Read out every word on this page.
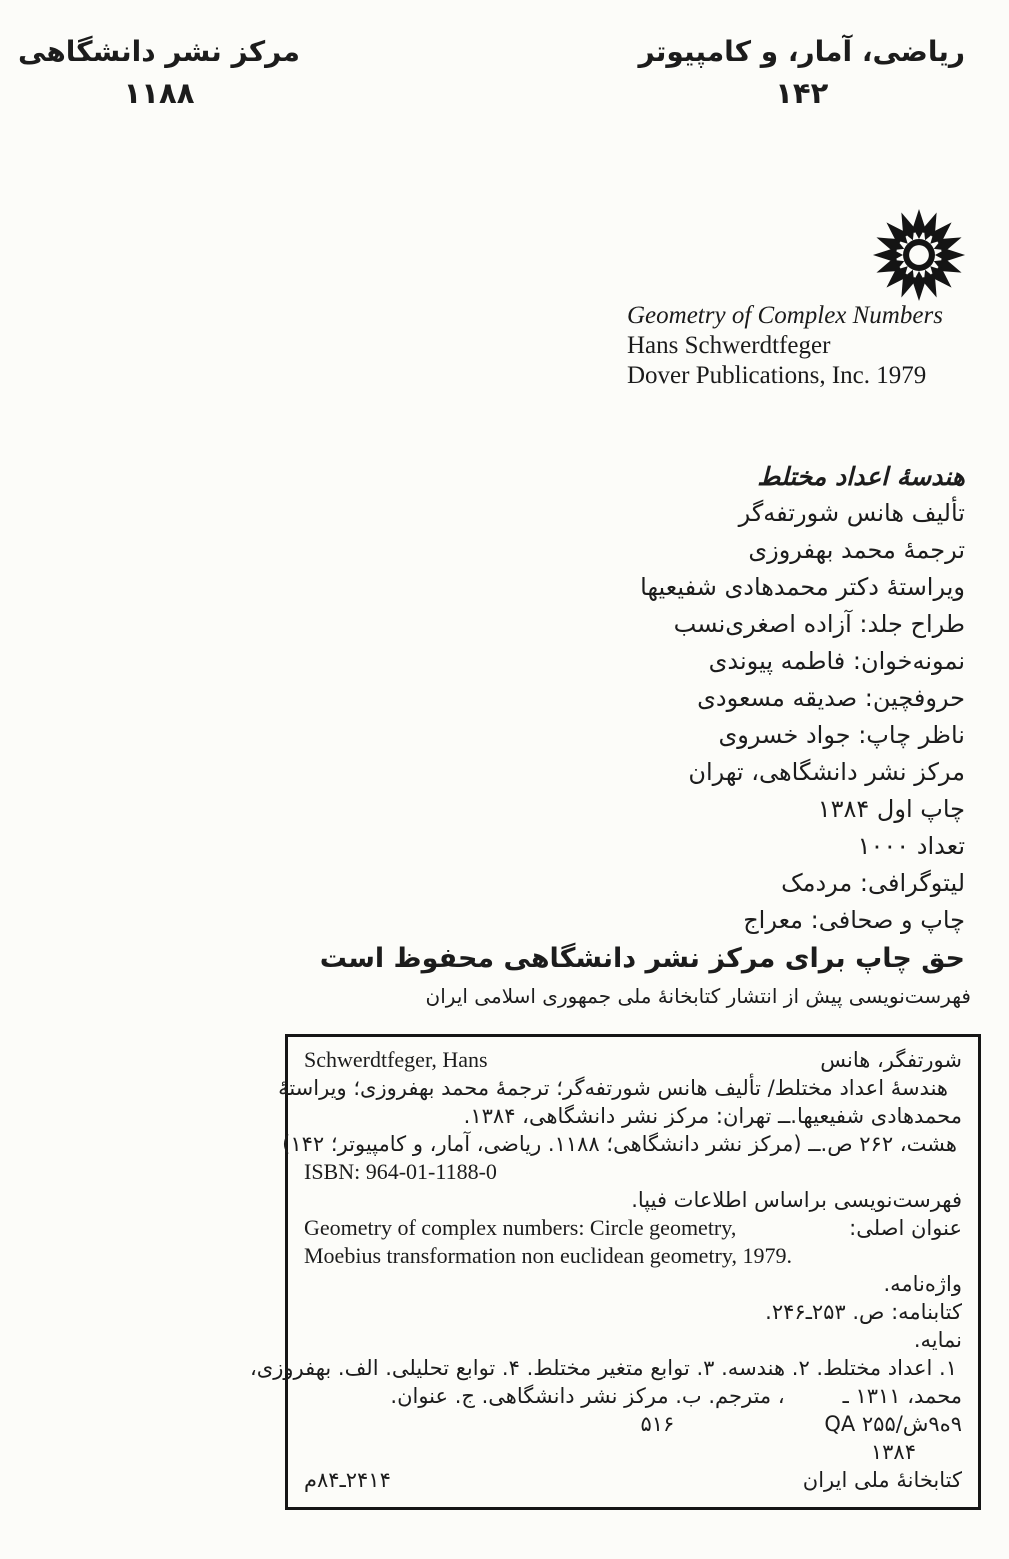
ریاضی، آمار، و کامپیوتر
۱۴۲
مرکز نشر دانشگاهی
۱۱۸۸
Geometry of Complex Numbers
Hans Schwerdtfeger
Dover Publications, Inc. 1979
هندسهٔ اعداد مختلط
تألیف هانس شورتفه‌گر
ترجمهٔ محمد بهفروزی
ویراستهٔ دکتر محمدهادی شفیعیها
طراح جلد: آزاده اصغری‌نسب
نمونه‌خوان: فاطمه پیوندی
حروفچین: صدیقه مسعودی
ناظر چاپ: جواد خسروی
مرکز نشر دانشگاهی، تهران
چاپ اول ۱۳۸۴
تعداد ۱۰۰۰
لیتوگرافی: مردمک
چاپ و صحافی: معراج
حق چاپ برای مرکز نشر دانشگاهی محفوظ است
فهرست‌نویسی پیش از انتشار کتابخانهٔ ملی جمهوری اسلامی ایران
شورتفگر، هانس
Schwerdtfeger, Hans
هندسهٔ اعداد مختلط/ تألیف هانس شورتفه‌گر؛ ترجمهٔ محمد بهفروزی؛ ویراستهٔ
محمدهادی شفیعیها.ــ تهران: مرکز نشر دانشگاهی، ۱۳۸۴.
هشت، ۲۶۲ ص.ــ (مرکز نشر دانشگاهی؛ ۱۱۸۸. ریاضی، آمار، و کامپیوتر؛ ۱۴۲)
ISBN: 964-01-1188-0
فهرست‌نویسی براساس اطلاعات فیپا.
عنوان اصلی:
Geometry of complex numbers: Circle geometry,
Moebius transformation non euclidean geometry, 1979.
واژه‌نامه.
کتابنامه: ص. ۲۵۳ـ۲۴۶.
نمایه.
۱. اعداد مختلط. ۲. هندسه. ۳. توابع متغیر مختلط. ۴. توابع تحلیلی. الف. بهفروزی،
محمد، ۱۳۱۱ ـ، مترجم. ب. مرکز نشر دانشگاهی. ج. عنوان.
QA ۲۵۵/ش۹ه۹
۵۱۶
۱۳۸۴
کتابخانهٔ ملی ایران
۲۴۱۴ـ۸۴م
